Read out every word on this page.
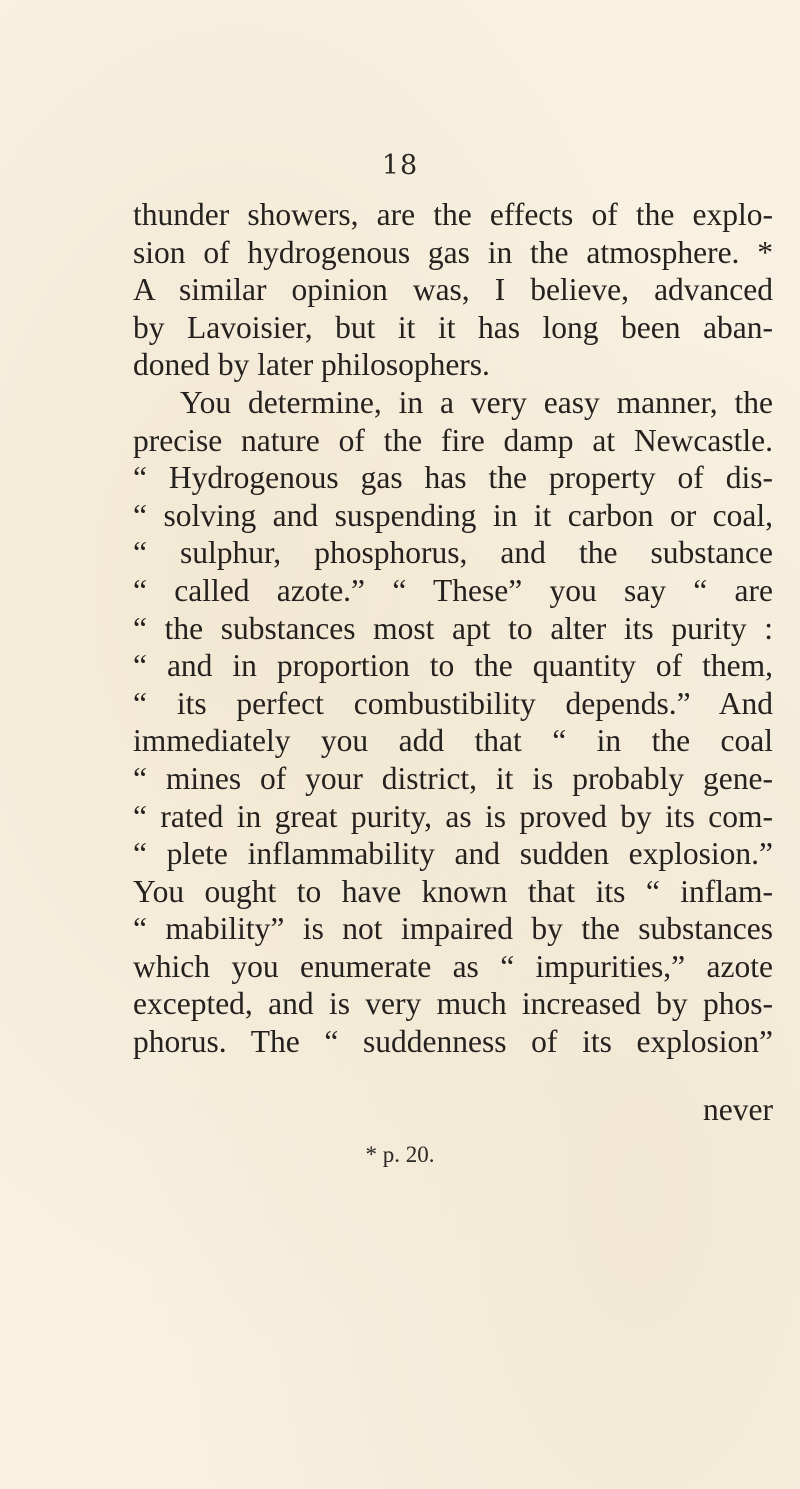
18
thunder showers, are the effects of the explo-
sion of hydrogenous gas in the atmosphere. *
A similar opinion was, I believe, advanced
by Lavoisier, but it it has long been aban-
doned by later philosophers.
You determine, in a very easy manner, the
precise nature of the fire damp at Newcastle.
“ Hydrogenous gas has the property of dis-
“ solving and suspending in it carbon or coal,
“ sulphur, phosphorus, and the substance
“ called azote.” “ These” you say “ are
“ the substances most apt to alter its purity :
“ and in proportion to the quantity of them,
“ its perfect combustibility depends.” And
immediately you add that “ in the coal
“ mines of your district, it is probably gene-
“ rated in great purity, as is proved by its com-
“ plete inflammability and sudden explosion.”
You ought to have known that its “ inflam-
“ mability” is not impaired by the substances
which you enumerate as “ impurities,” azote
excepted, and is very much increased by phos-
phorus. The “ suddenness of its explosion”
never
* p. 20.
